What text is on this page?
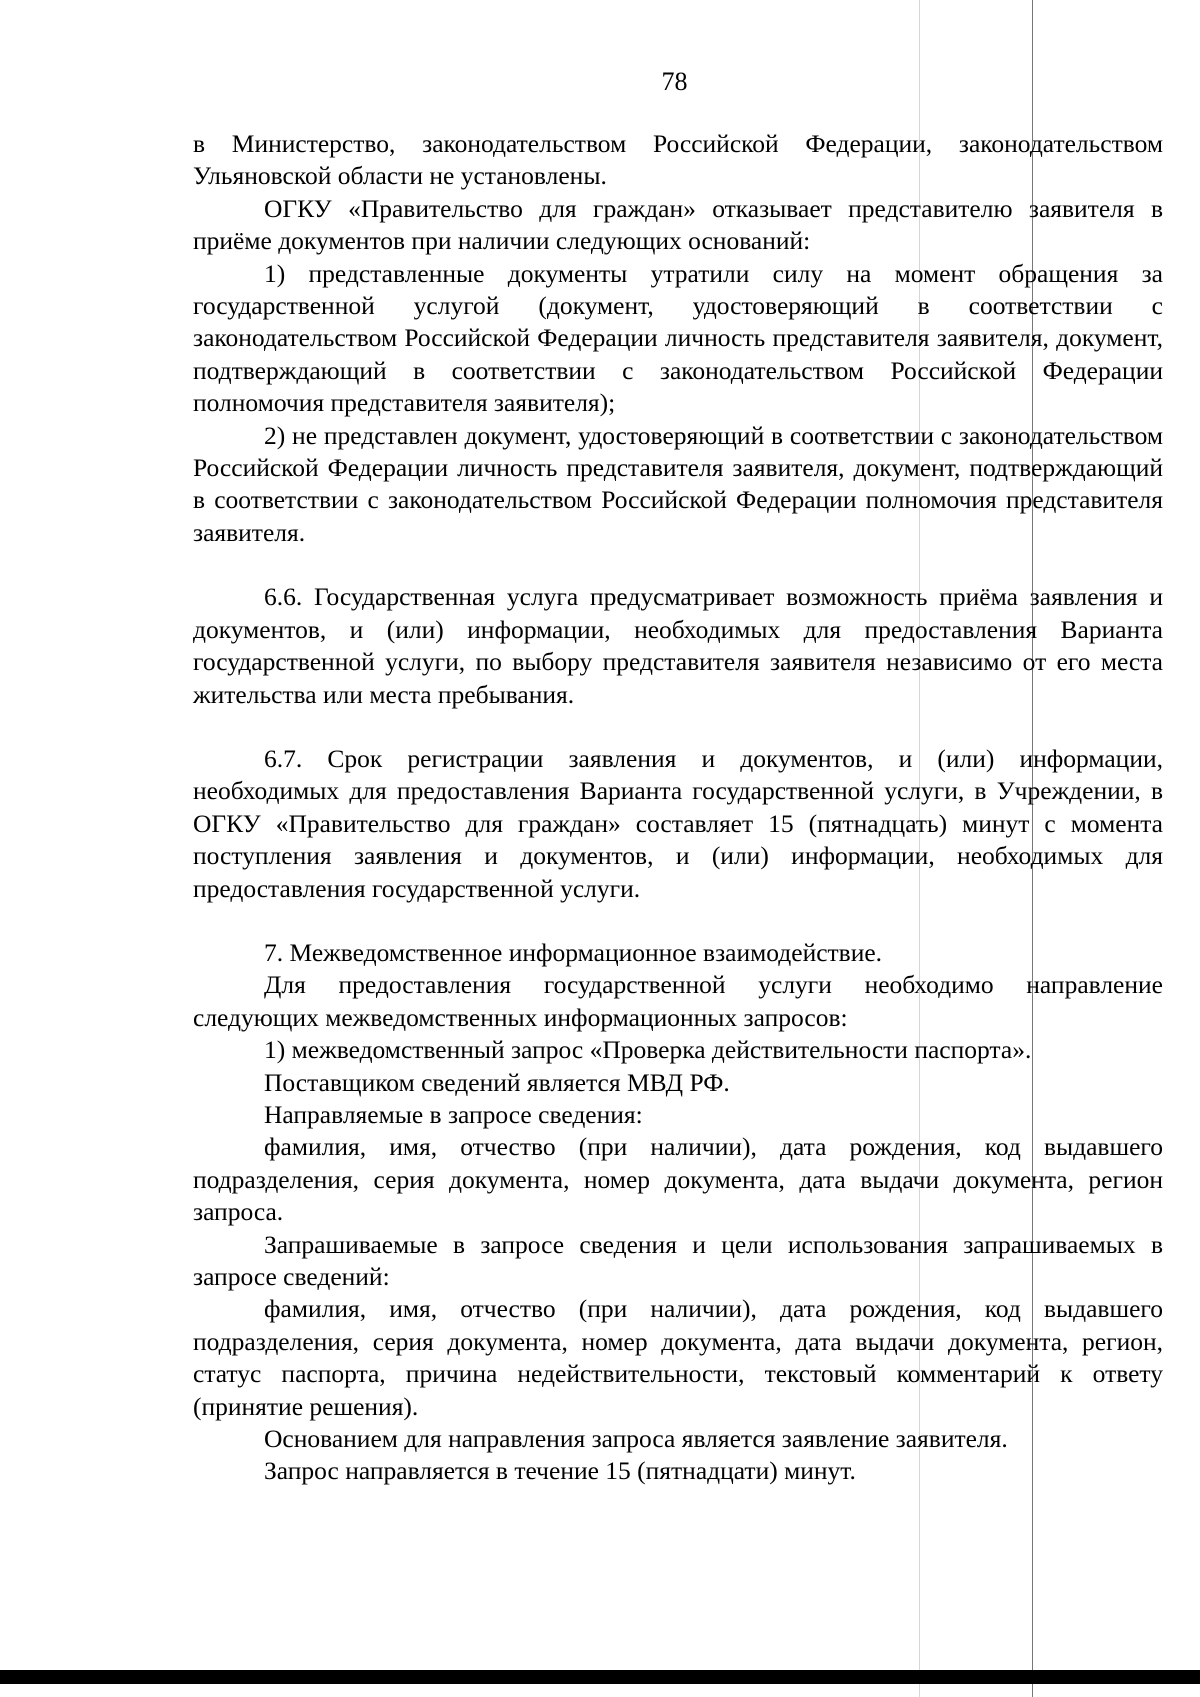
78

в Министерство, законодательством Российской Федерации, законодательством Ульяновской области не установлены.

ОГКУ «Правительство для граждан» отказывает представителю заявителя в приёме документов при наличии следующих оснований:

1) представленные документы утратили силу на момент обращения за государственной услугой (документ, удостоверяющий в соответствии с законодательством Российской Федерации личность представителя заявителя, документ, подтверждающий в соответствии с законодательством Российской Федерации полномочия представителя заявителя);

2) не представлен документ, удостоверяющий в соответствии с законодательством Российской Федерации личность представителя заявителя, документ, подтверждающий в соответствии с законодательством Российской Федерации полномочия представителя заявителя.

6.6. Государственная услуга предусматривает возможность приёма заявления и документов, и (или) информации, необходимых для предоставления Варианта государственной услуги, по выбору представителя заявителя независимо от его места жительства или места пребывания.

6.7. Срок регистрации заявления и документов, и (или) информации, необходимых для предоставления Варианта государственной услуги, в Учреждении, в ОГКУ «Правительство для граждан» составляет 15 (пятнадцать) минут с момента поступления заявления и документов, и (или) информации, необходимых для предоставления государственной услуги.

7. Межведомственное информационное взаимодействие.

Для предоставления государственной услуги необходимо направление следующих межведомственных информационных запросов:

1) межведомственный запрос «Проверка действительности паспорта».

Поставщиком сведений является МВД РФ.

Направляемые в запросе сведения:

фамилия, имя, отчество (при наличии), дата рождения, код выдавшего подразделения, серия документа, номер документа, дата выдачи документа, регион запроса.

Запрашиваемые в запросе сведения и цели использования запрашиваемых в запросе сведений:

фамилия, имя, отчество (при наличии), дата рождения, код выдавшего подразделения, серия документа, номер документа, дата выдачи документа, регион, статус паспорта, причина недействительности, текстовый комментарий к ответу (принятие решения).

Основанием для направления запроса является заявление заявителя.

Запрос направляется в течение 15 (пятнадцати) минут.
